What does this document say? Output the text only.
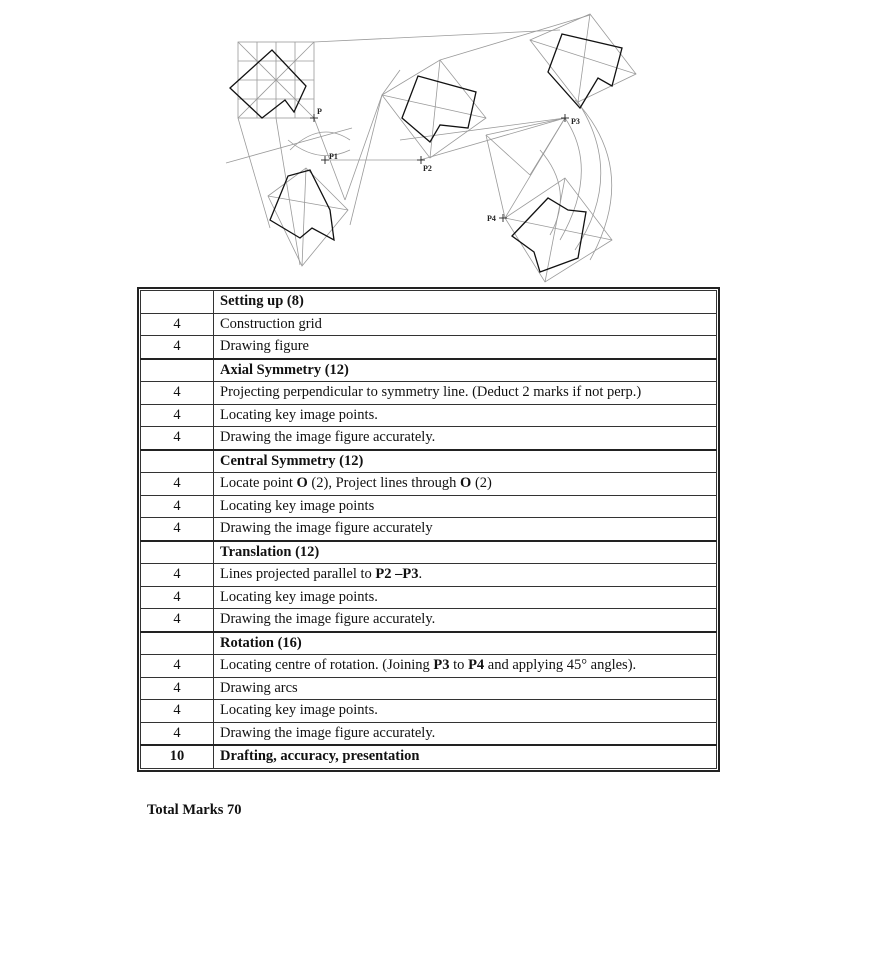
P
P1
P2
P3
P4
	Setting up (8)
4	Construction grid
4	Drawing figure
	Axial Symmetry (12)
4	Projecting perpendicular to symmetry line. (Deduct 2 marks if not perp.)
4	Locating key image points.
4	Drawing the image figure accurately.
	Central Symmetry (12)
4	Locate point O (2), Project lines through O (2)
4	Locating key image points
4	Drawing the image figure accurately
	Translation (12)
4	Lines projected parallel to P2 –P3.
4	Locating key image points.
4	Drawing the image figure accurately.
	Rotation (16)
4	Locating centre of rotation. (Joining P3 to P4 and applying 45° angles).
4	Drawing arcs
4	Locating key image points.
4	Drawing the image figure accurately.
10	Drafting, accuracy, presentation
Total Marks 70
